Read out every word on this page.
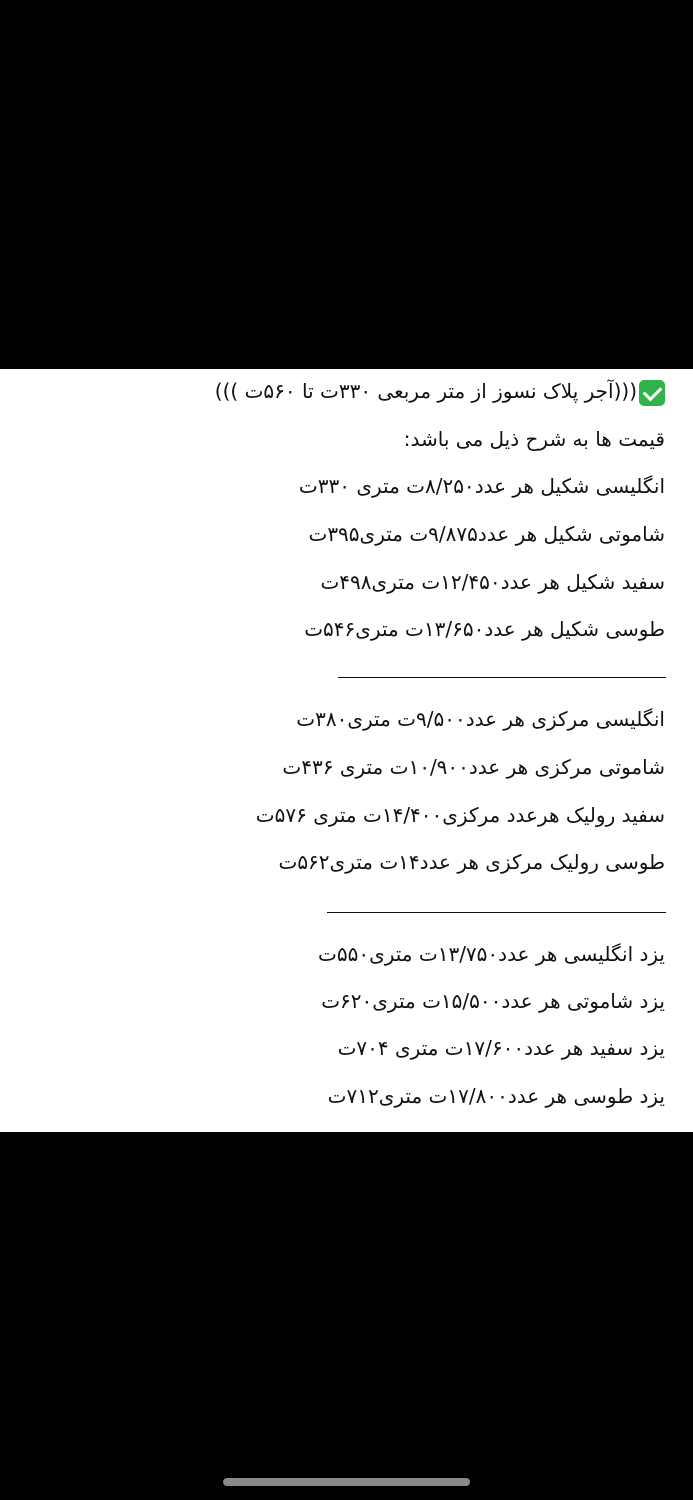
(((آجر پلاک نسوز از متر مربعی ۳۳۰ت تا ۵۶۰ت )))
قیمت ها به شرح ذیل می باشد:
انگلیسی شکیل هر عدد۸/۲۵۰ت متری ۳۳۰ت
شاموتی شکیل هر عدد۹/۸۷۵ت متری۳۹۵ت
سفید شکیل هر عدد۱۲/۴۵۰ت متری۴۹۸ت
طوسی شکیل هر عدد۱۳/۶۵۰ت متری۵۴۶ت
انگلیسی مرکزی هر عدد۹/۵۰۰ت متری۳۸۰ت
شاموتی مرکزی هر عدد۱۰/۹۰۰ت متری ۴۳۶ت
سفید رولیک هرعدد مرکزی۱۴/۴۰۰ت متری ۵۷۶ت
طوسی رولیک مرکزی هر عدد۱۴ت متری۵۶۲ت
یزد انگلیسی هر عدد۱۳/۷۵۰ت متری۵۵۰ت
یزد شاموتی هر عدد۱۵/۵۰۰ت متری۶۲۰ت
یزد سفید هر عدد۱۷/۶۰۰ت متری ۷۰۴ت
یزد طوسی هر عدد۱۷/۸۰۰ت متری۷۱۲ت
